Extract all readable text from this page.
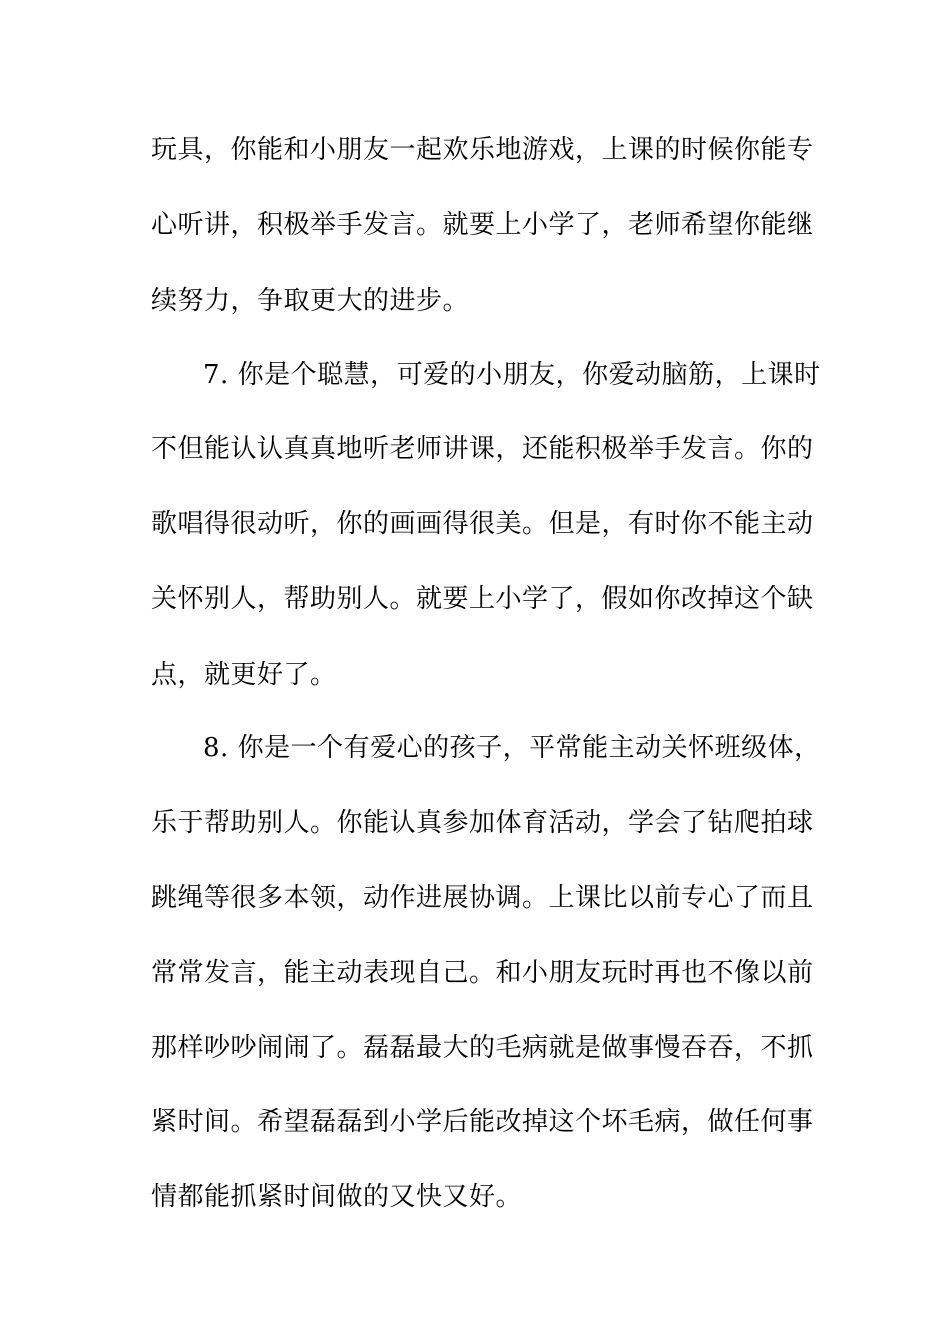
玩具，你能和小朋友一起欢乐地游戏，上课的时候你能专
心听讲，积极举手发言。就要上小学了，老师希望你能继
续努力，争取更大的进步。
7. 你是个聪慧，可爱的小朋友，你爱动脑筋，上课时
不但能认认真真地听老师讲课，还能积极举手发言。你的
歌唱得很动听，你的画画得很美。但是，有时你不能主动
关怀别人，帮助别人。就要上小学了，假如你改掉这个缺
点，就更好了。
8. 你是一个有爱心的孩子，平常能主动关怀班级体，
乐于帮助别人。你能认真参加体育活动，学会了钻爬拍球
跳绳等很多本领，动作进展协调。上课比以前专心了而且
常常发言，能主动表现自己。和小朋友玩时再也不像以前
那样吵吵闹闹了。磊磊最大的毛病就是做事慢吞吞，不抓
紧时间。希望磊磊到小学后能改掉这个坏毛病，做任何事
情都能抓紧时间做的又快又好。
